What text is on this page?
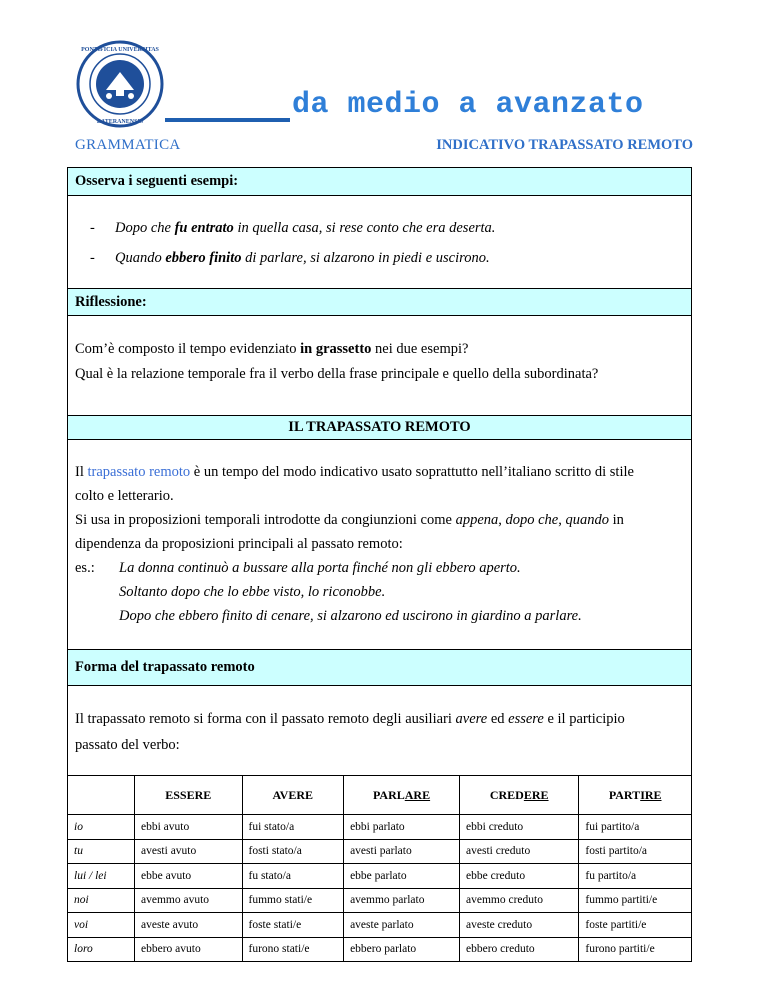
PONTIFICIA UNIVERSITAS
LATERANENSIS	da medio a avanzato
GRAMMATICA	INDICATIVO TRAPASSATO REMOTO
Osserva i seguenti esempi:
- Dopo che fu entrato in quella casa, si rese conto che era deserta.
- Quando ebbero finito di parlare, si alzarono in piedi e uscirono.
Riflessione:
Com’è composto il tempo evidenziato in grassetto nei due esempi?
Qual è la relazione temporale fra il verbo della frase principale e quello della subordinata?
IL TRAPASSATO REMOTO
Il trapassato remoto è un tempo del modo indicativo usato soprattutto nell’italiano scritto di stile
colto e letterario.
Si usa in proposizioni temporali introdotte da congiunzioni come appena, dopo che, quando in
dipendenza da proposizioni principali al passato remoto:
es.: La donna continuò a bussare alla porta finché non gli ebbero aperto.
Soltanto dopo che lo ebbe visto, lo riconobbe.
Dopo che ebbero finito di cenare, si alzarono ed uscirono in giardino a parlare.
Forma del trapassato remoto
Il trapassato remoto si forma con il passato remoto degli ausiliari avere ed essere e il participio
passato del verbo:
	ESSERE	AVERE	PARLARE	CREDERE	PARTIRE
io	ebbi avuto	fui stato/a	ebbi parlato	ebbi creduto	fui partito/a
tu	avesti avuto	fosti stato/a	avesti parlato	avesti creduto	fosti partito/a
lui / lei	ebbe avuto	fu stato/a	ebbe parlato	ebbe creduto	fu partito/a
noi	avemmo avuto	fummo stati/e	avemmo parlato	avemmo creduto	fummo partiti/e
voi	aveste avuto	foste stati/e	aveste parlato	aveste creduto	foste partiti/e
loro	ebbero avuto	furono stati/e	ebbero parlato	ebbero creduto	furono partiti/e
